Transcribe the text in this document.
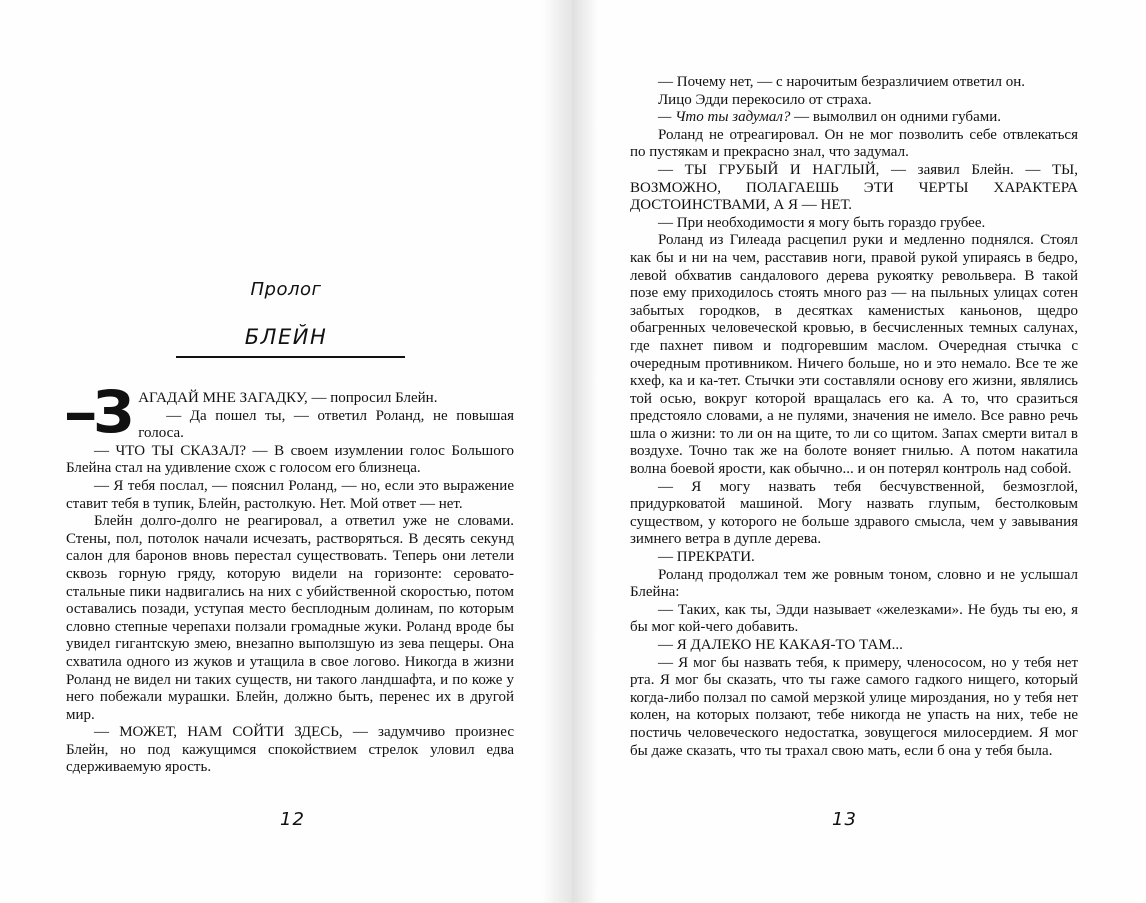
Пролог
БЛЕЙН

–З АГАДАЙ МНЕ ЗАГАДКУ, — попросил Блейн.

— Да пошел ты, — ответил Роланд, не повышая голоса.

— ЧТО ТЫ СКАЗАЛ? — В своем изумлении голос Большого Блейна стал на удивление схож с голосом его близнеца.

— Я тебя послал, — пояснил Роланд, — но, если это выражение ставит тебя в тупик, Блейн, растолкую. Нет. Мой ответ — нет.

Блейн долго-долго не реагировал, а ответил уже не словами. Стены, пол, потолок начали исчезать, растворяться. В десять секунд салон для баронов вновь перестал существовать. Теперь они летели сквозь горную гряду, которую видели на горизонте: серовато-стальные пики надвигались на них с убийственной скоростью, потом оставались позади, уступая место бесплодным долинам, по которым словно степные черепахи ползали громадные жуки. Роланд вроде бы увидел гигантскую змею, внезапно выползшую из зева пещеры. Она схватила одного из жуков и утащила в свое логово. Никогда в жизни Роланд не видел ни таких существ, ни такого ландшафта, и по коже у него побежали мурашки. Блейн, должно быть, перенес их в другой мир.

— МОЖЕТ, НАМ СОЙТИ ЗДЕСЬ, — задумчиво произнес Блейн, но под кажущимся спокойствием стрелок уловил едва сдерживаемую ярость.

12

— Почему нет, — с нарочитым безразличием ответил он.

Лицо Эдди перекосило от страха.

— Что ты задумал? — вымолвил он одними губами.

Роланд не отреагировал. Он не мог позволить себе отвлекаться по пустякам и прекрасно знал, что задумал.

— ТЫ ГРУБЫЙ И НАГЛЫЙ, — заявил Блейн. — ТЫ, ВОЗМОЖНО, ПОЛАГАЕШЬ ЭТИ ЧЕРТЫ ХАРАКТЕРА ДОСТОИНСТВАМИ, А Я — НЕТ.

— При необходимости я могу быть гораздо грубее.

Роланд из Гилеада расцепил руки и медленно поднялся. Стоял как бы и ни на чем, расставив ноги, правой рукой упираясь в бедро, левой обхватив сандалового дерева рукоятку револьвера. В такой позе ему приходилось стоять много раз — на пыльных улицах сотен забытых городков, в десятках каменистых каньонов, щедро обагренных человеческой кровью, в бесчисленных темных салунах, где пахнет пивом и подгоревшим маслом. Очередная стычка с очередным противником. Ничего больше, но и это немало. Все те же кхеф, ка и ка-тет. Стычки эти составляли основу его жизни, являлись той осью, вокруг которой вращалась его ка. А то, что сразиться предстояло словами, а не пулями, значения не имело. Все равно речь шла о жизни: то ли он на щите, то ли со щитом. Запах смерти витал в воздухе. Точно так же на болоте воняет гнилью. А потом накатила волна боевой ярости, как обычно... и он потерял контроль над собой.

— Я могу назвать тебя бесчувственной, безмозглой, придурковатой машиной. Могу назвать глупым, бестолковым существом, у которого не больше здравого смысла, чем у завывания зимнего ветра в дупле дерева.

— ПРЕКРАТИ.

Роланд продолжал тем же ровным тоном, словно и не услышал Блейна:

— Таких, как ты, Эдди называет «железками». Не будь ты ею, я бы мог кой-чего добавить.

— Я ДАЛЕКО НЕ КАКАЯ-ТО ТАМ...

— Я мог бы назвать тебя, к примеру, членососом, но у тебя нет рта. Я мог бы сказать, что ты гаже самого гадкого нищего, который когда-либо ползал по самой мерзкой улице мироздания, но у тебя нет колен, на которых ползают, тебе никогда не упасть на них, тебе не постичь человеческого недостатка, зовущегося милосердием. Я мог бы даже сказать, что ты трахал свою мать, если б она у тебя была.

13
